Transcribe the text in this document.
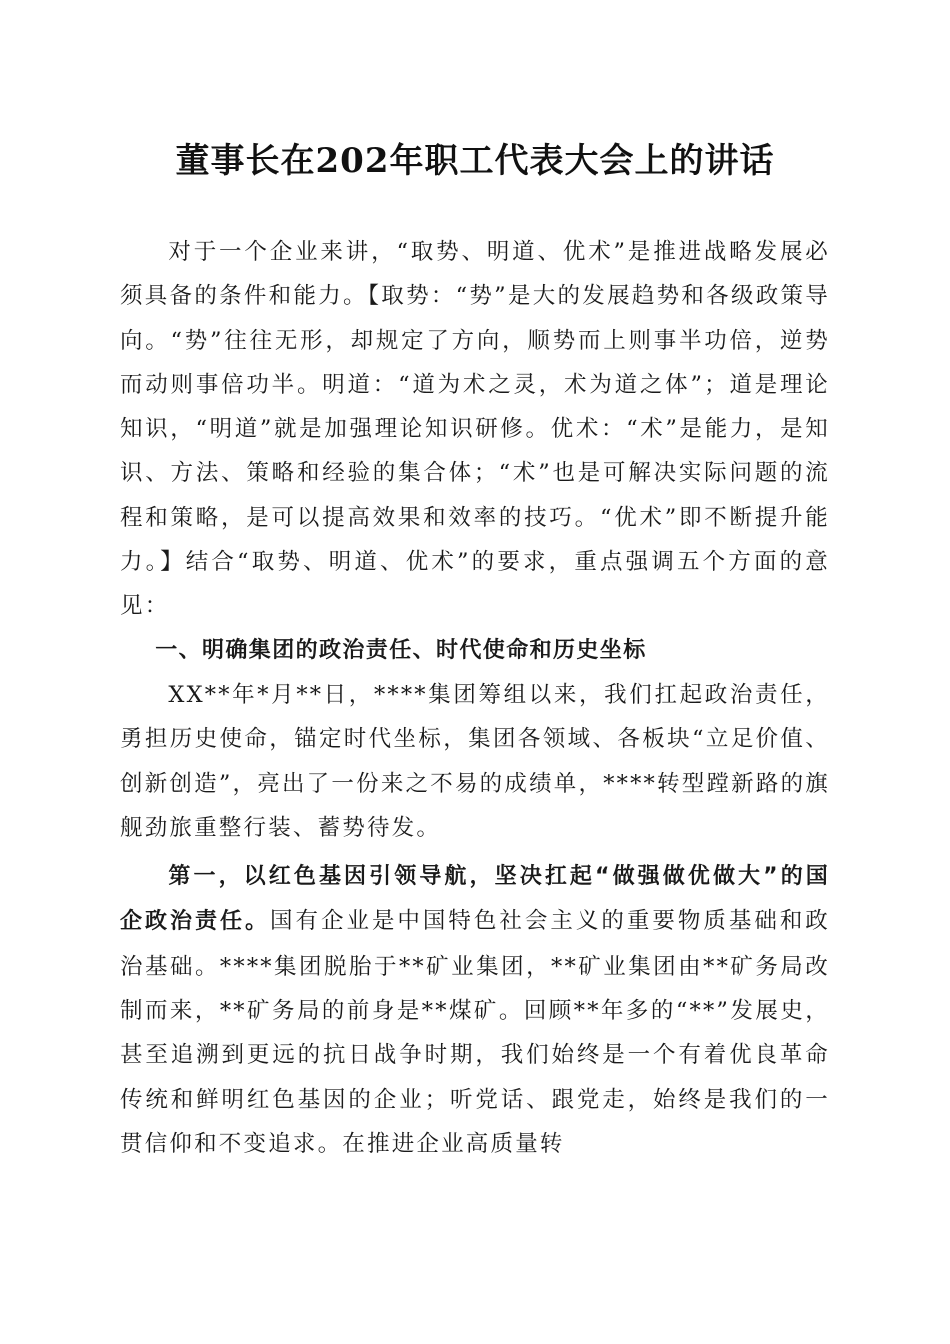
董事长在202年职工代表大会上的讲话

对于一个企业来讲，“取势、明道、优术”是推进战略发展必须具备的条件和能力。【取势：“势”是大的发展趋势和各级政策导向。“势”往往无形，却规定了方向，顺势而上则事半功倍，逆势而动则事倍功半。明道：“道为术之灵，术为道之体”；道是理论知识，“明道”就是加强理论知识研修。优术：“术”是能力，是知识、方法、策略和经验的集合体；“术”也是可解决实际问题的流程和策略，是可以提高效果和效率的技巧。“优术”即不断提升能力。】结合“取势、明道、优术”的要求，重点强调五个方面的意见：

一、明确集团的政治责任、时代使命和历史坐标

XX**年*月**日，****集团筹组以来，我们扛起政治责任，勇担历史使命，锚定时代坐标，集团各领域、各板块“立足价值、创新创造”，亮出了一份来之不易的成绩单，****转型蹚新路的旗舰劲旅重整行装、蓄势待发。

第一，以红色基因引领导航，坚决扛起“做强做优做大”的国企政治责任。国有企业是中国特色社会主义的重要物质基础和政治基础。****集团脱胎于**矿业集团，**矿业集团由**矿务局改制而来，**矿务局的前身是**煤矿。回顾**年多的“**”发展史，甚至追溯到更远的抗日战争时期，我们始终是一个有着优良革命传统和鲜明红色基因的企业；听党话、跟党走，始终是我们的一贯信仰和不变追求。在推进企业高质量转
